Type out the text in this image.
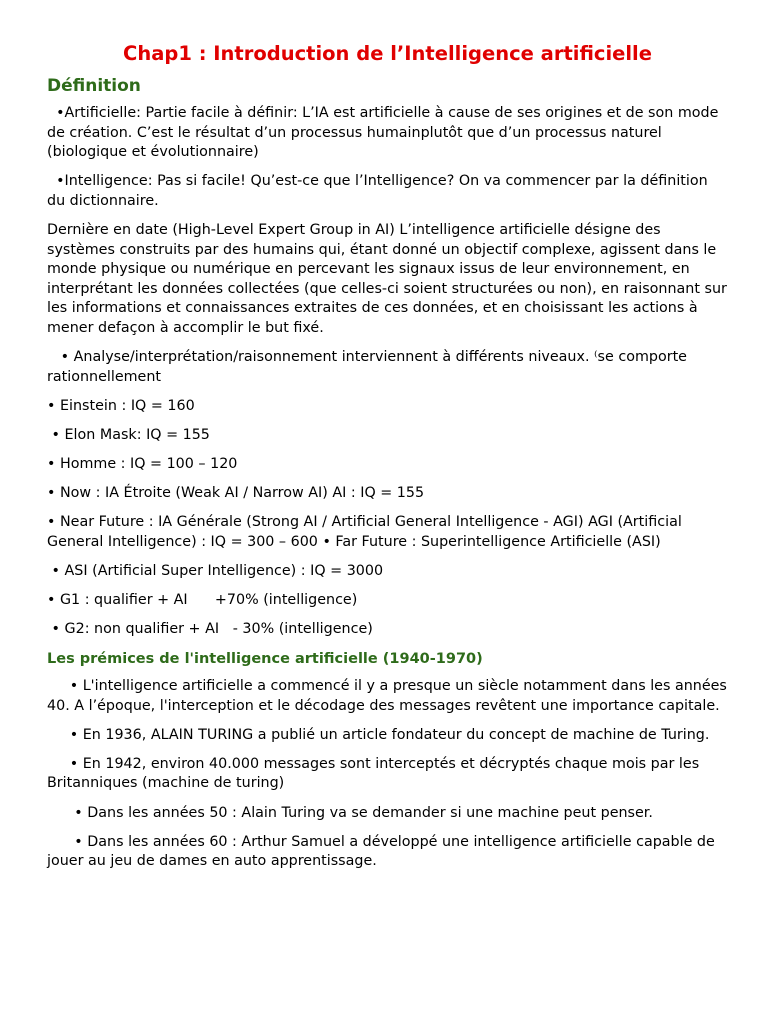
Chap1 : Introduction de l’Intelligence artificielle
Définition

•Artificielle: Partie facile à définir: L’IA est artificielle à cause de ses origines et de son mode de création. C’est le résultat d’un processus humainplutôt que d’un processus naturel (biologique et évolutionnaire)

•Intelligence: Pas si facile! Qu’est-ce que l’Intelligence? On va commencer par la définition du dictionnaire.

Dernière en date (High-Level Expert Group in AI) L’intelligence artificielle désigne des systèmes construits par des humains qui, étant donné un objectif complexe, agissent dans le monde physique ou numérique en percevant les signaux issus de leur environnement, en interprétant les données collectées (que celles-ci soient structurées ou non), en raisonnant sur les informations et connaissances extraites de ces données, et en choisissant les actions à mener defaçon à accomplir le but fixé.

• Analyse/interprétation/raisonnement interviennent à différents niveaux. ⁽se comporte rationnellement

• Einstein : IQ = 160

• Elon Mask: IQ = 155

• Homme : IQ = 100 – 120

• Now : IA Étroite (Weak AI / Narrow AI) AI : IQ = 155

• Near Future : IA Générale (Strong AI / Artificial General Intelligence - AGI) AGI (Artificial General Intelligence) : IQ = 300 – 600 • Far Future : Superintelligence Artificielle (ASI)

• ASI (Artificial Super Intelligence) : IQ = 3000

• G1 : qualifier + AI      +70% (intelligence)

• G2: non qualifier + AI   - 30% (intelligence)

Les prémices de l'intelligence artificielle (1940-1970)

• L'intelligence artificielle a commencé il y a presque un siècle notamment dans les années 40. A l’époque, l'interception et le décodage des messages revêtent une importance capitale.

• En 1936, ALAIN TURING a publié un article fondateur du concept de machine de Turing.

• En 1942, environ 40.000 messages sont interceptés et décryptés chaque mois par les Britanniques (machine de turing)

• Dans les années 50 : Alain Turing va se demander si une machine peut penser.

• Dans les années 60 : Arthur Samuel a développé une intelligence artificielle capable de jouer au jeu de dames en auto apprentissage.
